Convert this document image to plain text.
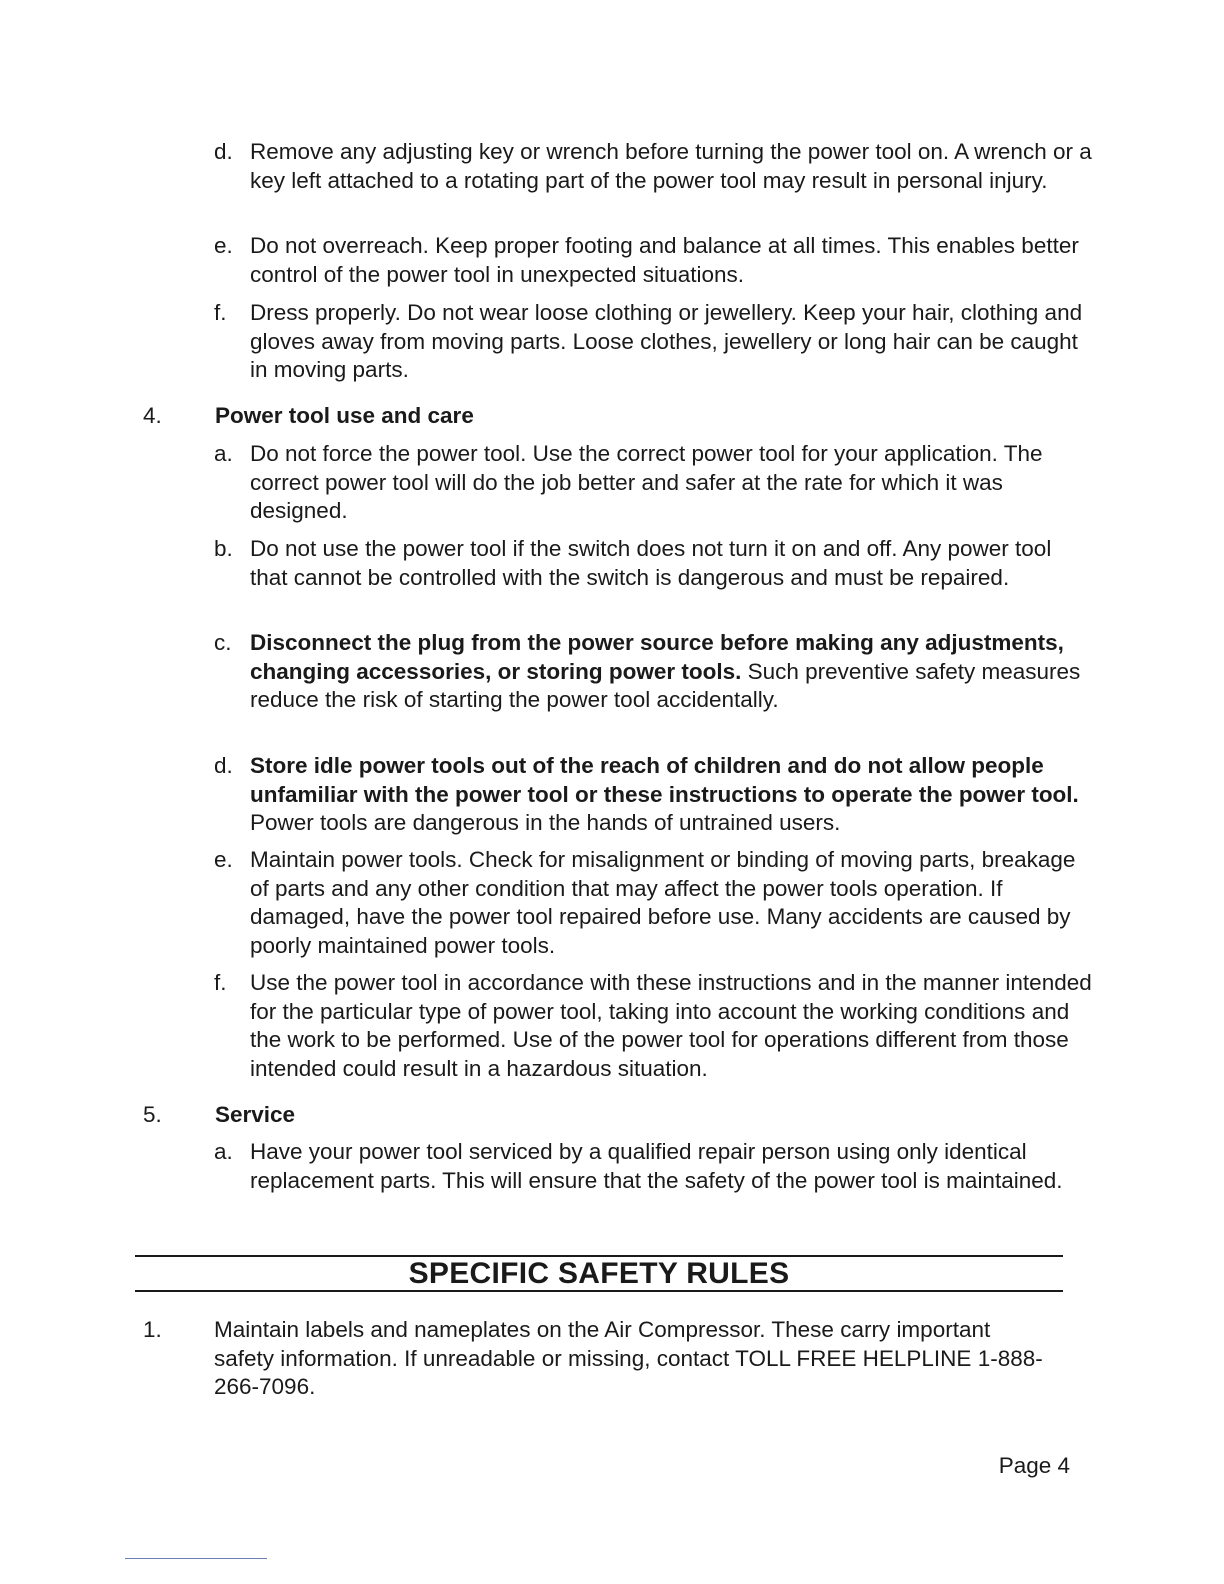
d. Remove any adjusting key or wrench before turning the power tool on. A wrench or a key left attached to a rotating part of the power tool may result in personal injury.
e. Do not overreach. Keep proper footing and balance at all times. This enables better control of the power tool in unexpected situations.
f. Dress properly. Do not wear loose clothing or jewellery. Keep your hair, clothing and gloves away from moving parts. Loose clothes, jewellery or long hair can be caught in moving parts.
4. Power tool use and care
a. Do not force the power tool. Use the correct power tool for your application. The correct power tool will do the job better and safer at the rate for which it was designed.
b. Do not use the power tool if the switch does not turn it on and off. Any power tool that cannot be controlled with the switch is dangerous and must be repaired.
c. Disconnect the plug from the power source before making any adjustments, changing accessories, or storing power tools. Such preventive safety measures reduce the risk of starting the power tool accidentally.
d. Store idle power tools out of the reach of children and do not allow people unfamiliar with the power tool or these instructions to operate the power tool. Power tools are dangerous in the hands of untrained users.
e. Maintain power tools. Check for misalignment or binding of moving parts, breakage of parts and any other condition that may affect the power tools operation. If damaged, have the power tool repaired before use. Many accidents are caused by poorly maintained power tools.
f. Use the power tool in accordance with these instructions and in the manner intended for the particular type of power tool, taking into account the working conditions and the work to be performed. Use of the power tool for operations different from those intended could result in a hazardous situation.
5. Service
a. Have your power tool serviced by a qualified repair person using only identical replacement parts. This will ensure that the safety of the power tool is maintained.
SPECIFIC SAFETY RULES
1. Maintain labels and nameplates on the Air Compressor. These carry important safety information. If unreadable or missing, contact TOLL FREE HELPLINE 1-888-266-7096.
Page 4
